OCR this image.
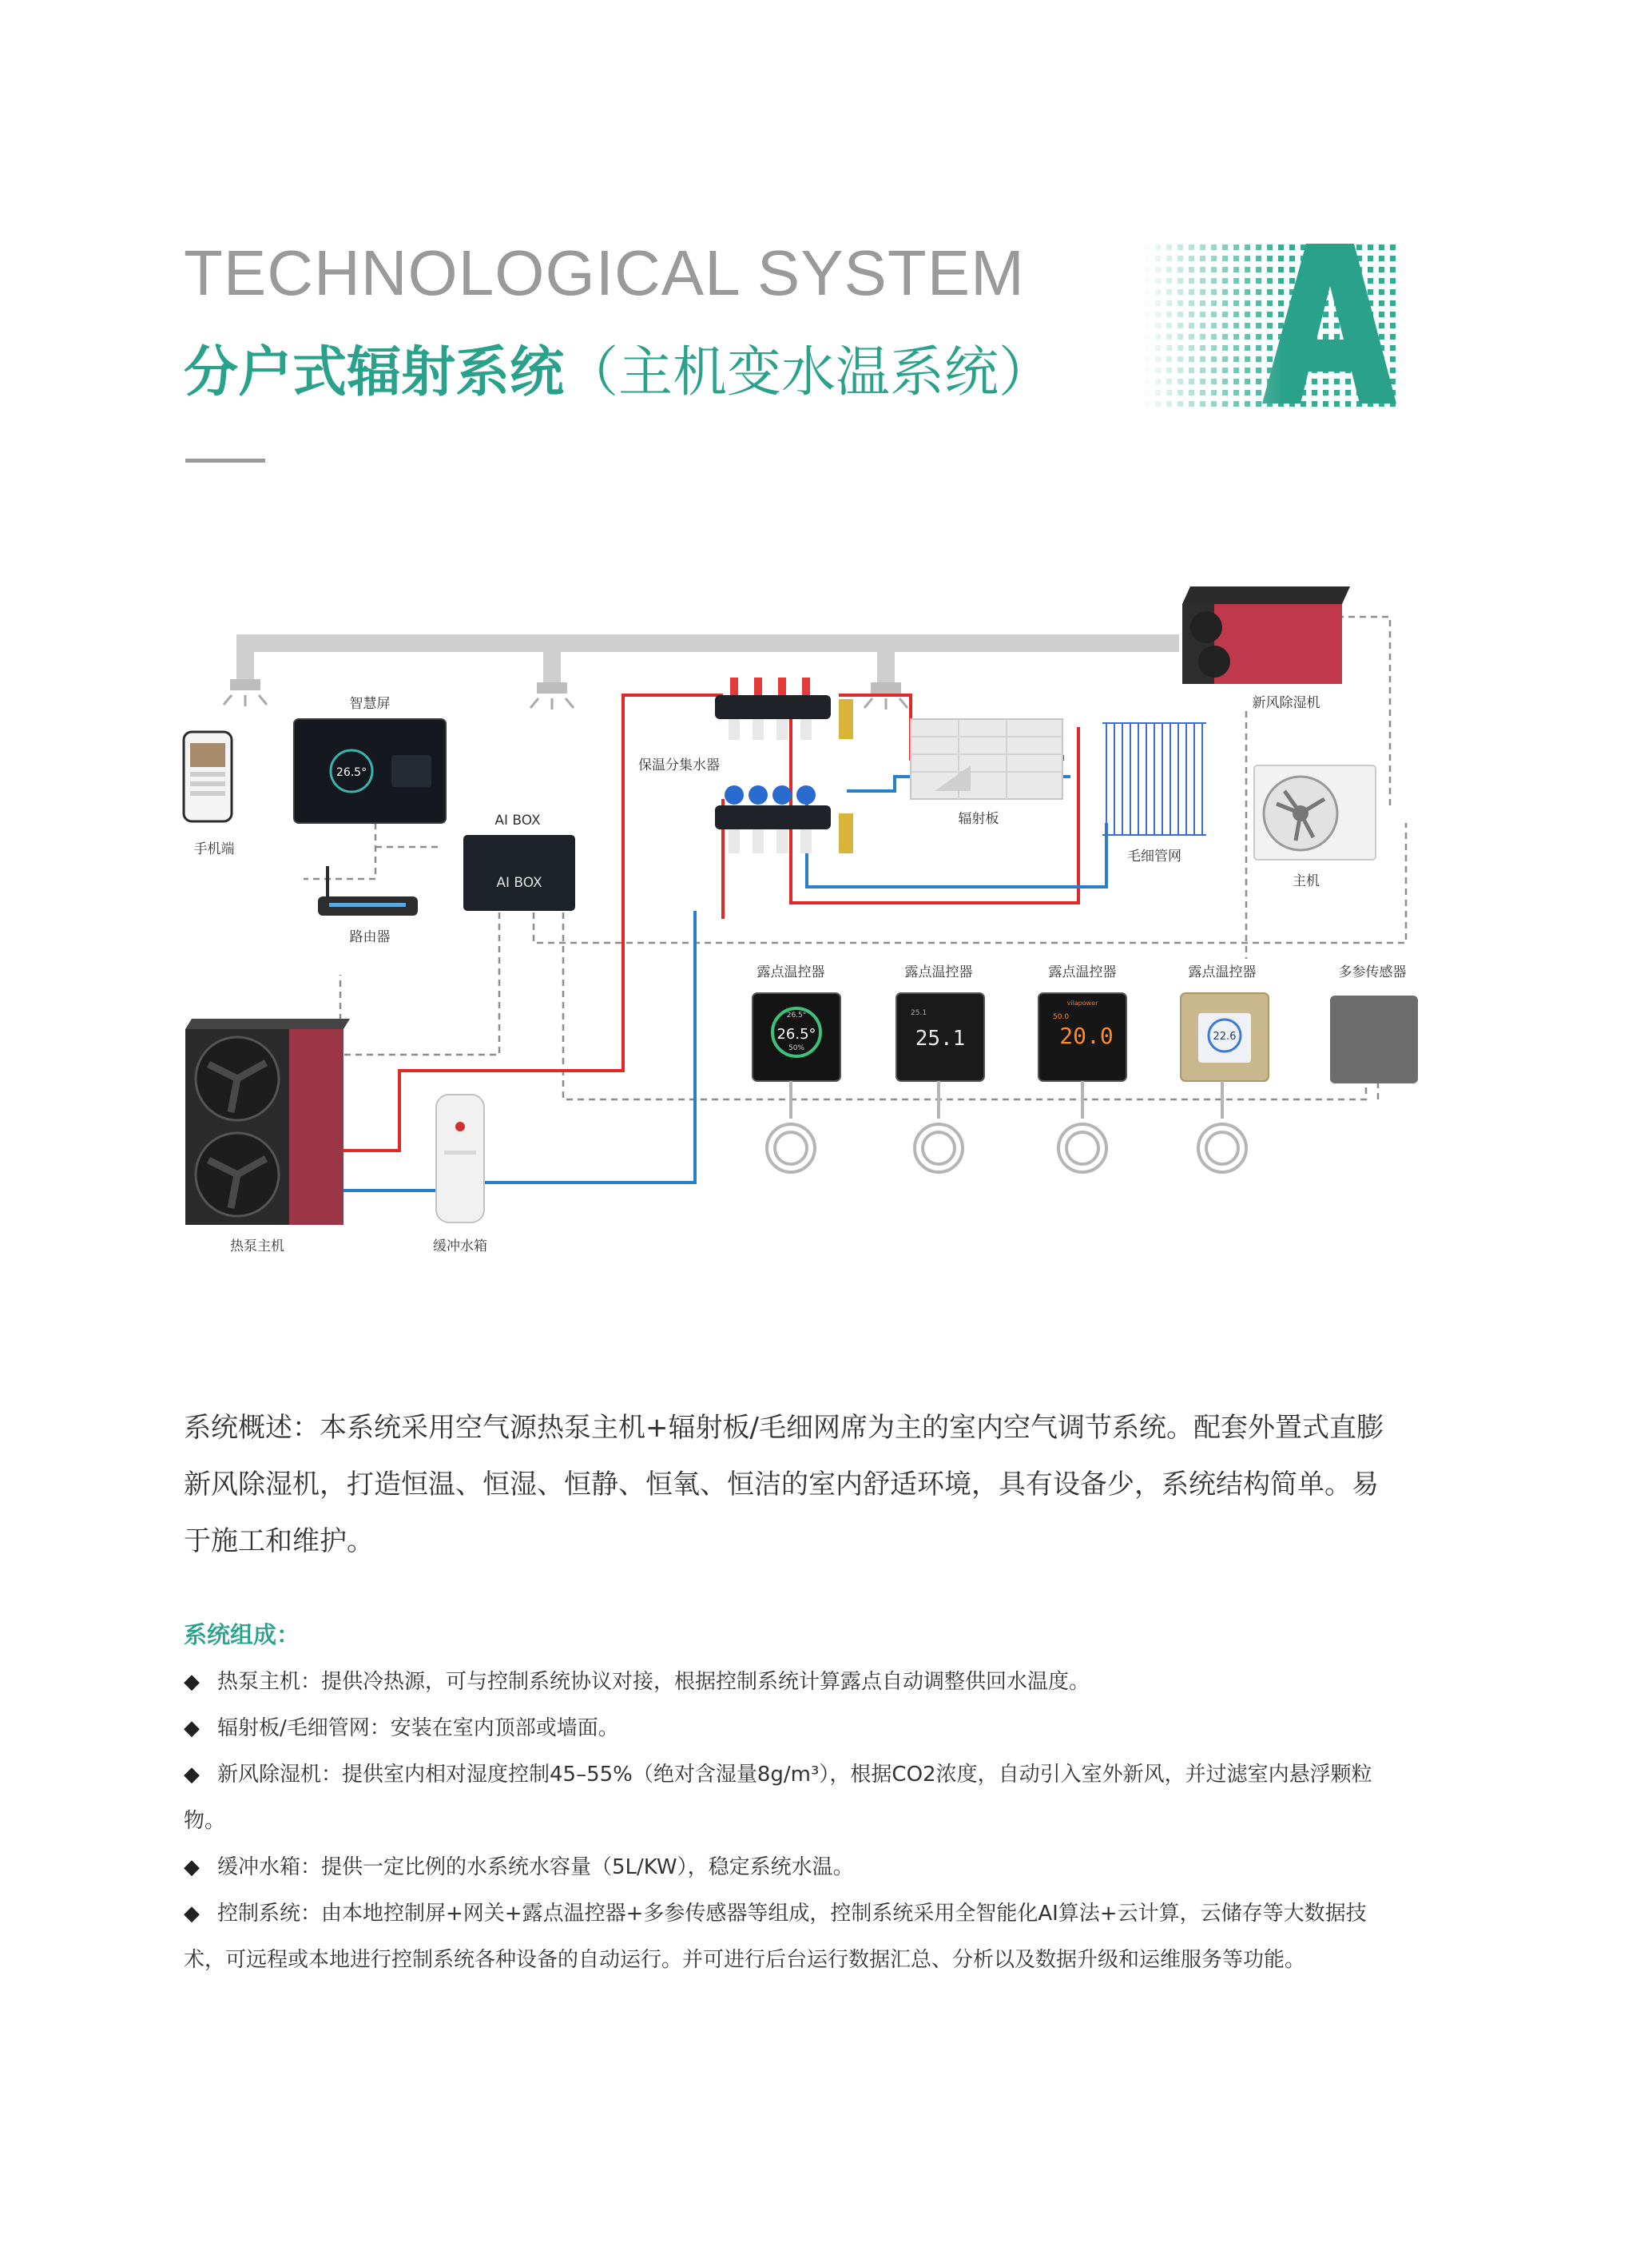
TECHNOLOGICAL SYSTEM
分户式辐射系统（主机变水温系统）
新风除湿机
主机
智慧屏
26.5°
手机端
AI BOX
AI BOX
路由器
保温分集水器
辐射板
毛细管网
热泵主机	缓冲水箱
露点温控器	露点温控器	露点温控器	露点温控器	多参传感器
26.5°
26.5°
50%	25.1
25.1
vilapower
20.0
50.0
22.6
系统概述：本系统采用空气源热泵主机+辐射板/毛细网席为主的室内空气调节系统。配套外置式直膨新风除湿机，打造恒温、恒湿、恒静、恒氧、恒洁的室内舒适环境，具有设备少，系统结构简单。易于施工和维护。
系统组成：
◆ 热泵主机：提供冷热源，可与控制系统协议对接，根据控制系统计算露点自动调整供回水温度。
◆ 辐射板/毛细管网：安装在室内顶部或墙面。
◆ 新风除湿机：提供室内相对湿度控制45–55%（绝对含湿量8g/m³），根据CO2浓度，自动引入室外新风，并过滤室内悬浮颗粒物。
◆ 缓冲水箱：提供一定比例的水系统水容量（5L/KW），稳定系统水温。
◆ 控制系统：由本地控制屏+网关+露点温控器+多参传感器等组成，控制系统采用全智能化AI算法+云计算，云储存等大数据技术，可远程或本地进行控制系统各种设备的自动运行。并可进行后台运行数据汇总、分析以及数据升级和运维服务等功能。
